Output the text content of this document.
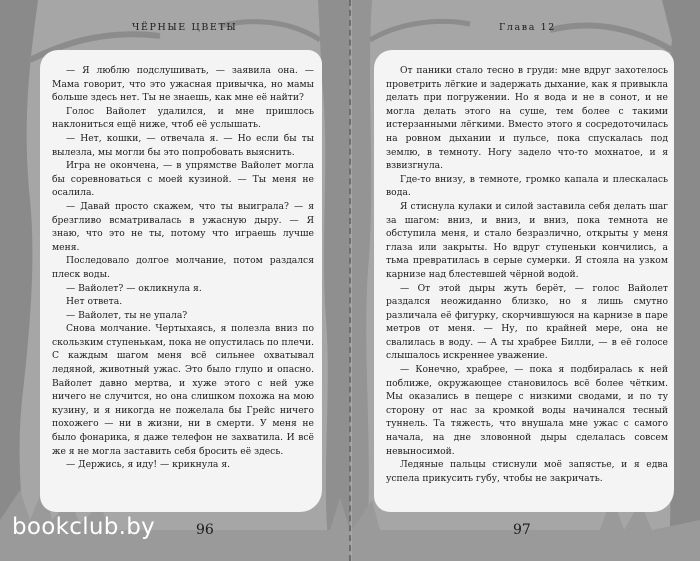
ЧЁРНЫЕ ЦВЕТЫ

— Я люблю подслушивать, — заявила она. — Мама говорит, что это ужасная привычка, но мамы больше здесь нет. Ты не знаешь, как мне её найти?

Голос Вайолет удалился, и мне пришлось наклониться ещё ниже, чтоб её услышать.

— Нет, кошки, — отвечала я. — Но если бы ты вылезла, мы могли бы это попробовать выяснить.

Игра не окончена, — в упрямстве Вайолет могла бы соревноваться с моей кузиной. — Ты меня не осалила.

— Давай просто скажем, что ты выиграла? — я брезгливо всматривалась в ужасную дыру. — Я знаю, что это не ты, потому что играешь лучше меня.

Последовало долгое молчание, потом раздался плеск воды.

— Вайолет? — окликнула я.

Нет ответа.

— Вайолет, ты не упала?

Снова молчание. Чертыхаясь, я полезла вниз по скользким ступенькам, пока не опустилась по плечи. С каждым шагом меня всё сильнее охватывал ледяной, животный ужас. Это было глупо и опасно. Вайолет давно мертва, и хуже этого с ней уже ничего не случится, но она слишком похожа на мою кузину, и я никогда не пожелала бы Грейс ничего похожего — ни в жизни, ни в смерти. У меня не было фонарика, я даже телефон не захватила. И всё же я не могла заставить себя бросить её здесь.

— Держись, я иду! — крикнула я.

96
Глава 12

От паники стало тесно в груди: мне вдруг захотелось проветрить лёгкие и задержать дыхание, как я привыкла делать при погружении. Но я вода и не в сонот, и не могла делать этого на суше, тем более с такими истерзанными лёгкими. Вместо этого я сосредоточилась на ровном дыхании и пульсе, пока спускалась под землю, в темноту. Ногу задело что-то мохнатое, и я взвизгнула.

Где-то внизу, в темноте, громко капала и плескалась вода.

Я стиснула кулаки и силой заставила себя делать шаг за шагом: вниз, и вниз, и вниз, пока темнота не обступила меня, и стало безразлично, открыты у меня глаза или закрыты. Но вдруг ступеньки кончились, а тьма превратилась в серые сумерки. Я стояла на узком карнизе над блестевшей чёрной водой.

— От этой дыры жуть берёт, — голос Вайолет раздался неожиданно близко, но я лишь смутно различала её фигурку, скорчившуюся на карнизе в паре метров от меня. — Ну, по крайней мере, она не свалилась в воду. — А ты храбрее Билли, — в её голосе слышалось искреннее уважение.

— Конечно, храбрее, — пока я подбиралась к ней поближе, окружающее становилось всё более чётким. Мы оказались в пещере с низкими сводами, и по ту сторону от нас за кромкой воды начинался тесный туннель. Та тяжесть, что внушала мне ужас с самого начала, на дне зловонной дыры сделалась совсем невыносимой.

Ледяные пальцы стиснули моё запястье, и я едва успела прикусить губу, чтобы не закричать.

97
bookclub.by
